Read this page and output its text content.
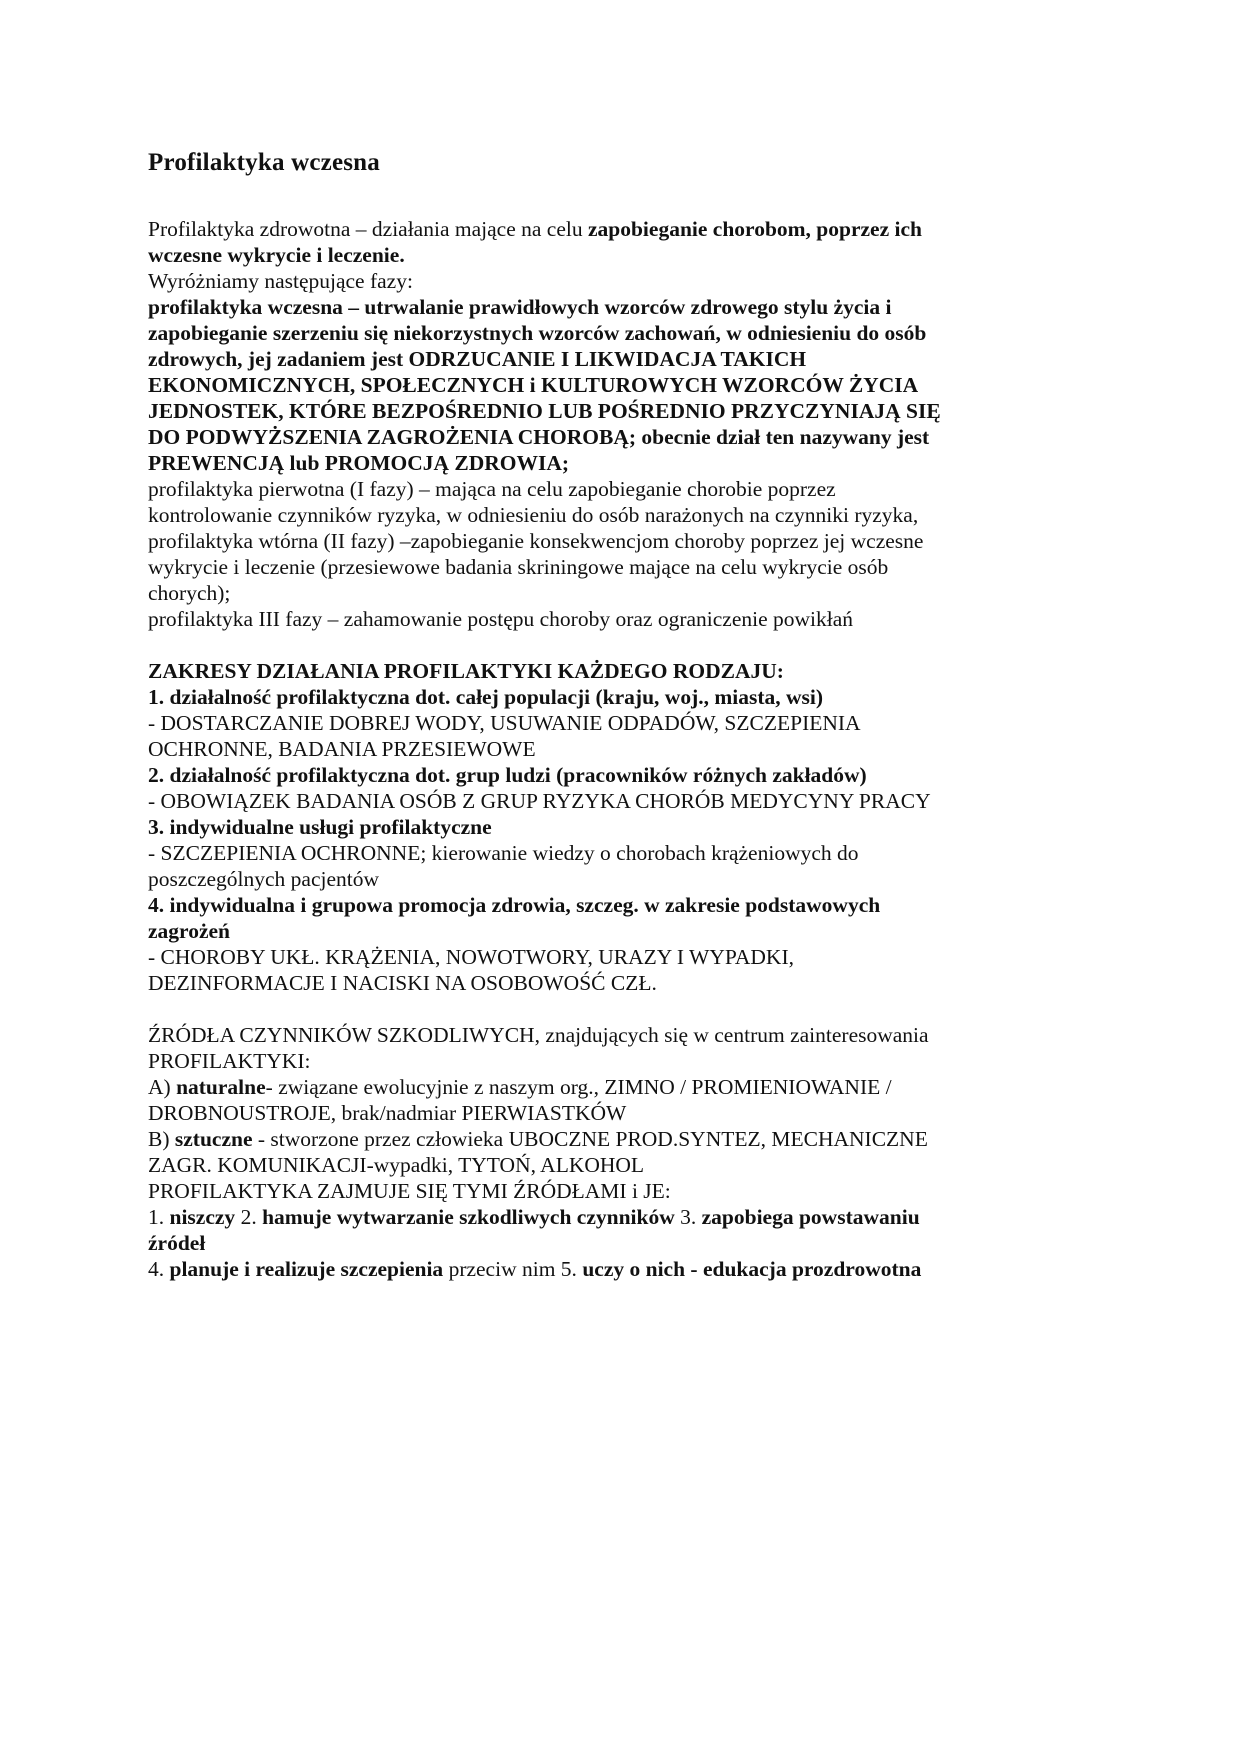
Profilaktyka wczesna
Profilaktyka zdrowotna – działania mające na celu zapobieganie chorobom, poprzez ich
wczesne wykrycie i leczenie.
Wyróżniamy następujące fazy:
profilaktyka wczesna – utrwalanie prawidłowych wzorców zdrowego stylu życia i
zapobieganie szerzeniu się niekorzystnych wzorców zachowań, w odniesieniu do osób
zdrowych, jej zadaniem jest ODRZUCANIE I LIKWIDACJA TAKICH
EKONOMICZNYCH, SPOŁECZNYCH i KULTUROWYCH WZORCÓW ŻYCIA
JEDNOSTEK, KTÓRE BEZPOŚREDNIO LUB POŚREDNIO PRZYCZYNIAJĄ SIĘ
DO PODWYŻSZENIA ZAGROŻENIA CHOROBĄ; obecnie dział ten nazywany jest
PREWENCJĄ lub PROMOCJĄ ZDROWIA;
profilaktyka pierwotna (I fazy) – mająca na celu zapobieganie chorobie poprzez
kontrolowanie czynników ryzyka, w odniesieniu do osób narażonych na czynniki ryzyka,
profilaktyka wtórna (II fazy) –zapobieganie konsekwencjom choroby poprzez jej wczesne
wykrycie i leczenie (przesiewowe badania skriningowe mające na celu wykrycie osób
chorych);
profilaktyka III fazy – zahamowanie postępu choroby oraz ograniczenie powikłań
ZAKRESY DZIAŁANIA PROFILAKTYKI KAŻDEGO RODZAJU:
1. działalność profilaktyczna dot. całej populacji (kraju, woj., miasta, wsi)
- DOSTARCZANIE DOBREJ WODY, USUWANIE ODPADÓW, SZCZEPIENIA
OCHRONNE, BADANIA PRZESIEWOWE
2. działalność profilaktyczna dot. grup ludzi (pracowników różnych zakładów)
- OBOWIĄZEK BADANIA OSÓB Z GRUP RYZYKA CHORÓB MEDYCYNY PRACY
3. indywidualne usługi profilaktyczne
- SZCZEPIENIA OCHRONNE; kierowanie wiedzy o chorobach krążeniowych do
poszczególnych pacjentów
4. indywidualna i grupowa promocja zdrowia, szczeg. w zakresie podstawowych
zagrożeń
- CHOROBY UKŁ. KRĄŻENIA, NOWOTWORY, URAZY I WYPADKI,
DEZINFORMACJE I NACISKI NA OSOBOWOŚĆ CZŁ.
ŹRÓDŁA CZYNNIKÓW SZKODLIWYCH, znajdujących się w centrum zainteresowania
PROFILAKTYKI:
A) naturalne- związane ewolucyjnie z naszym org., ZIMNO / PROMIENIOWANIE /
DROBNOUSTROJE, brak/nadmiar PIERWIASTKÓW
B) sztuczne - stworzone przez człowieka UBOCZNE PROD.SYNTEZ, MECHANICZNE
ZAGR. KOMUNIKACJI-wypadki, TYTOŃ, ALKOHOL
PROFILAKTYKA ZAJMUJE SIĘ TYMI ŹRÓDŁAMI i JE:
1. niszczy 2. hamuje wytwarzanie szkodliwych czynników 3. zapobiega powstawaniu
źródeł
4. planuje i realizuje szczepienia przeciw nim 5. uczy o nich - edukacja prozdrowotna
